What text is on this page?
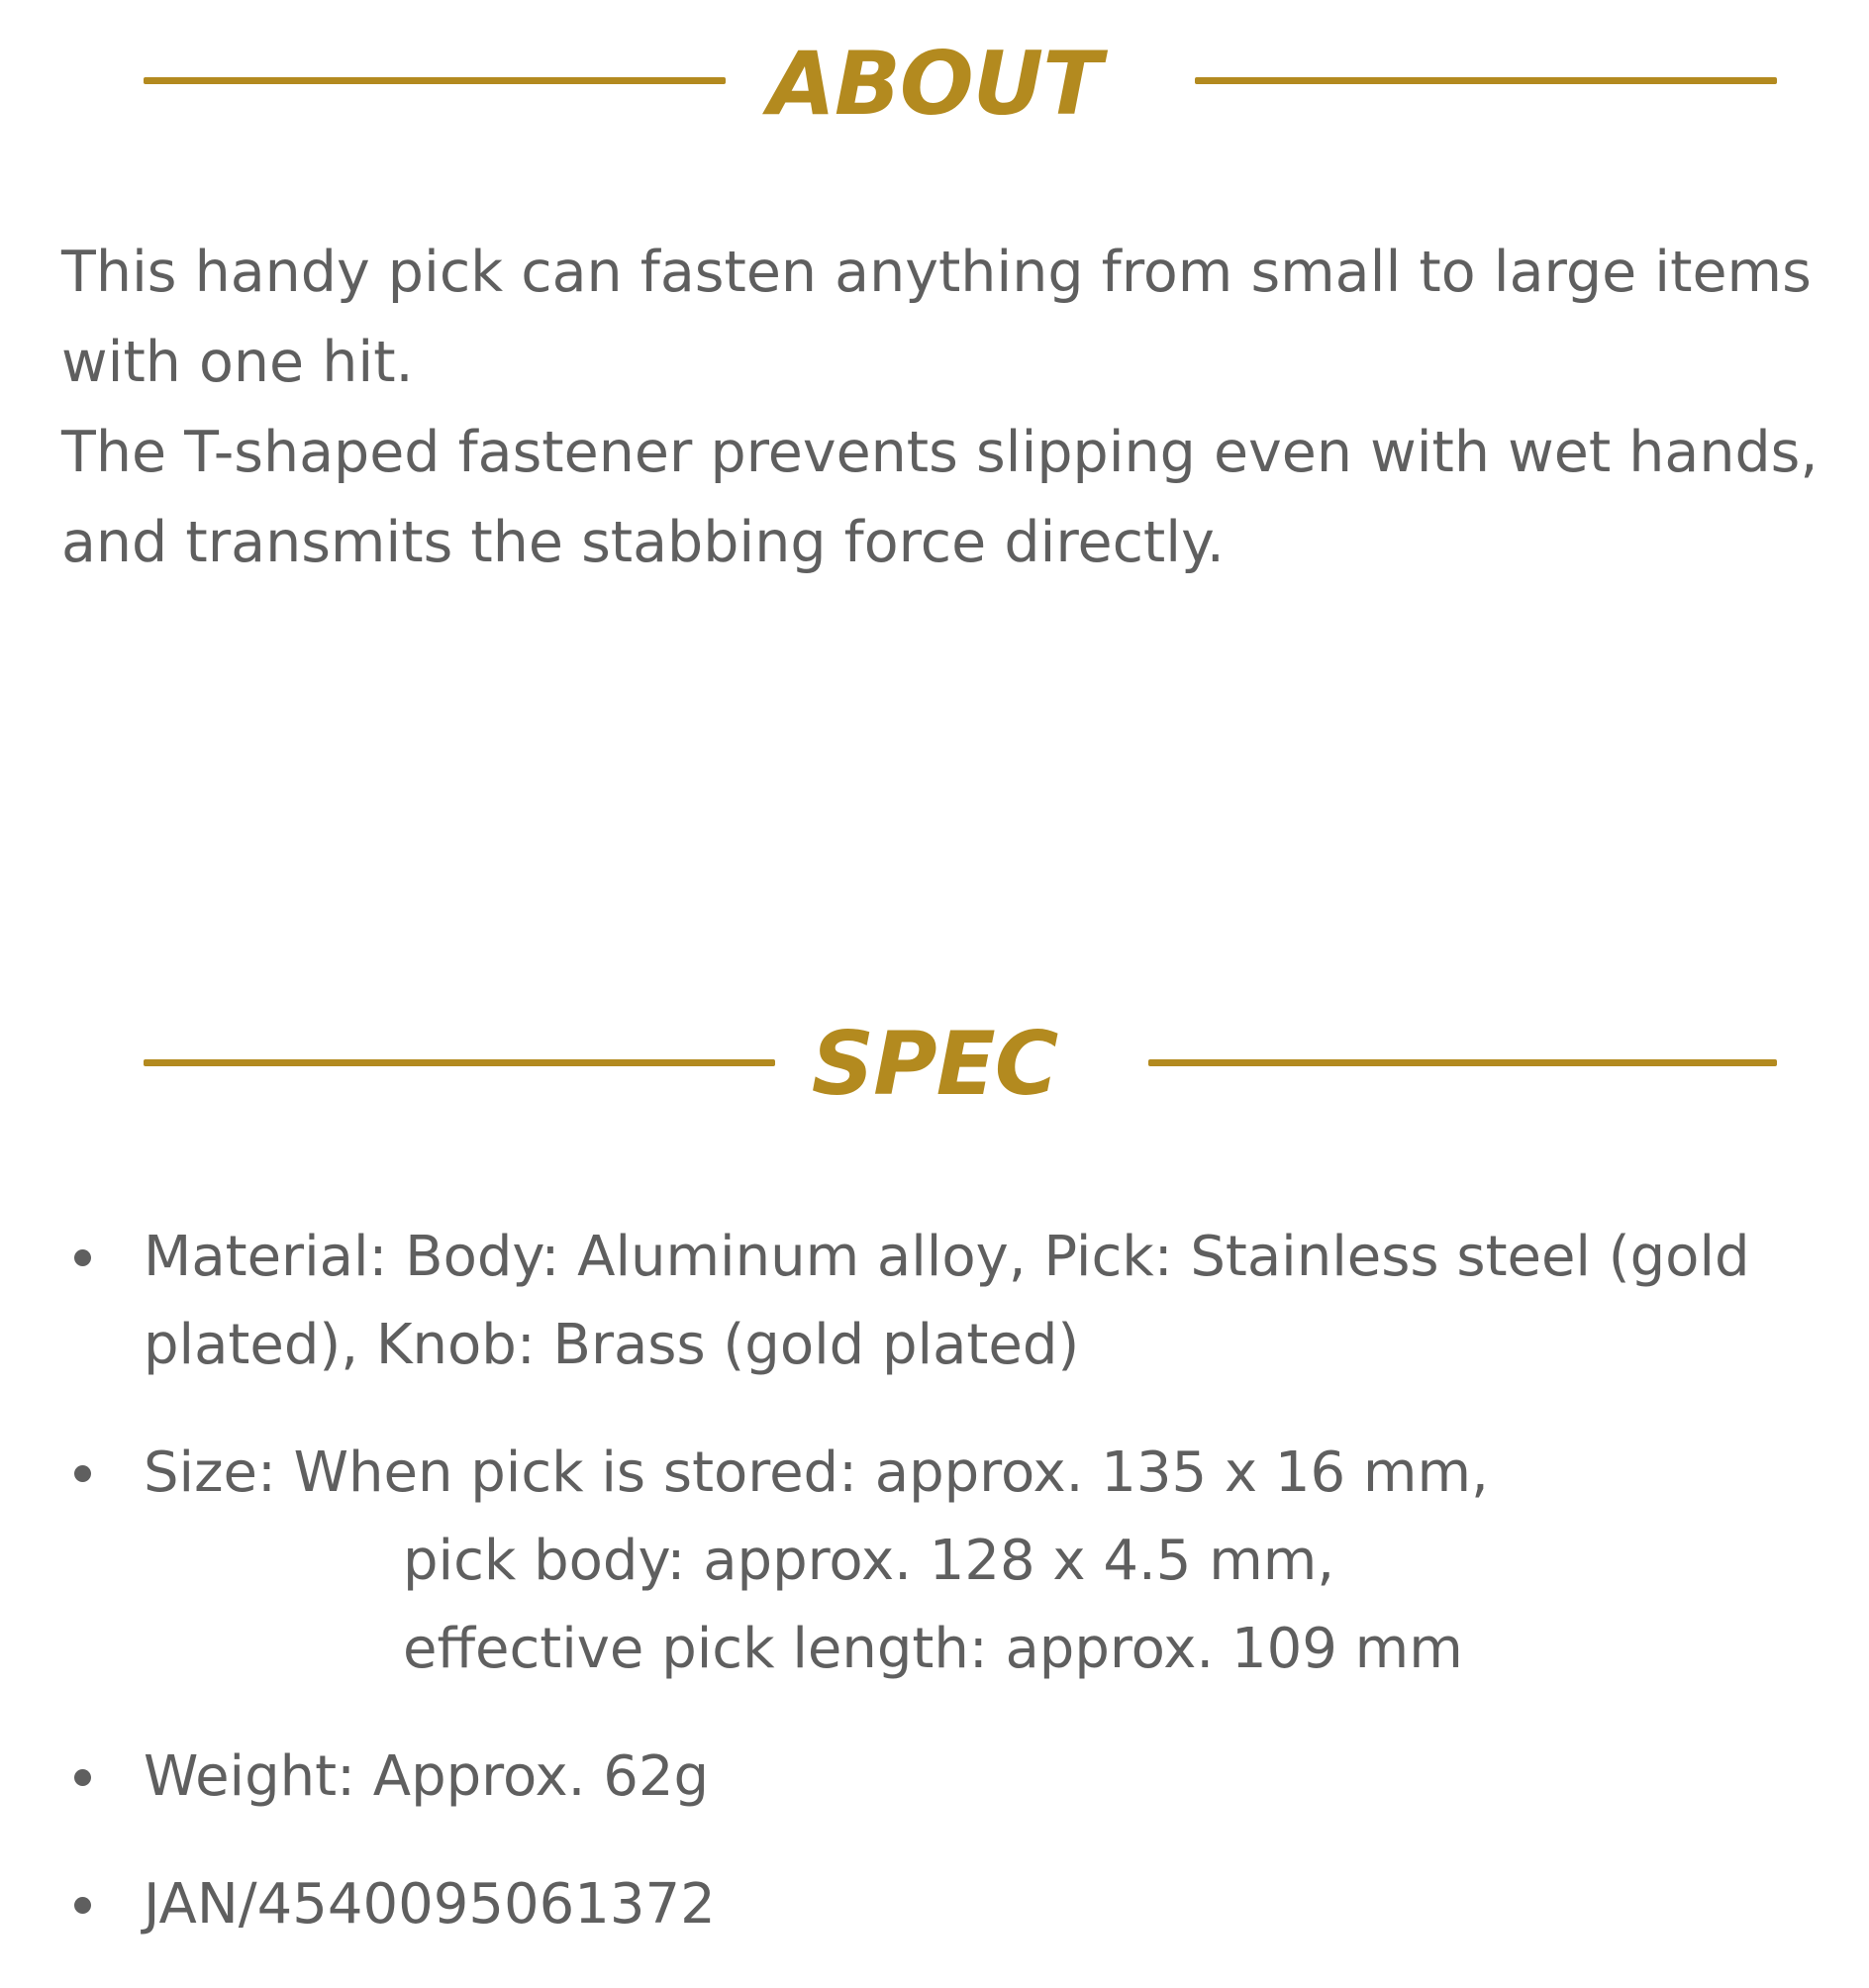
ABOUT

This handy pick can fasten anything from small to large items

with one hit.

The T-shaped fastener prevents slipping even with wet hands,

and transmits the stabbing force directly.

SPEC
Material: Body: Aluminum alloy, Pick: Stainless steel (gold
plated), Knob: Brass (gold plated)
Size: When pick is stored: approx. 135 x 16 mm,
pick body: approx. 128 x 4.5 mm,
effective pick length: approx. 109 mm
Weight: Approx. 62g
JAN/4540095061372
